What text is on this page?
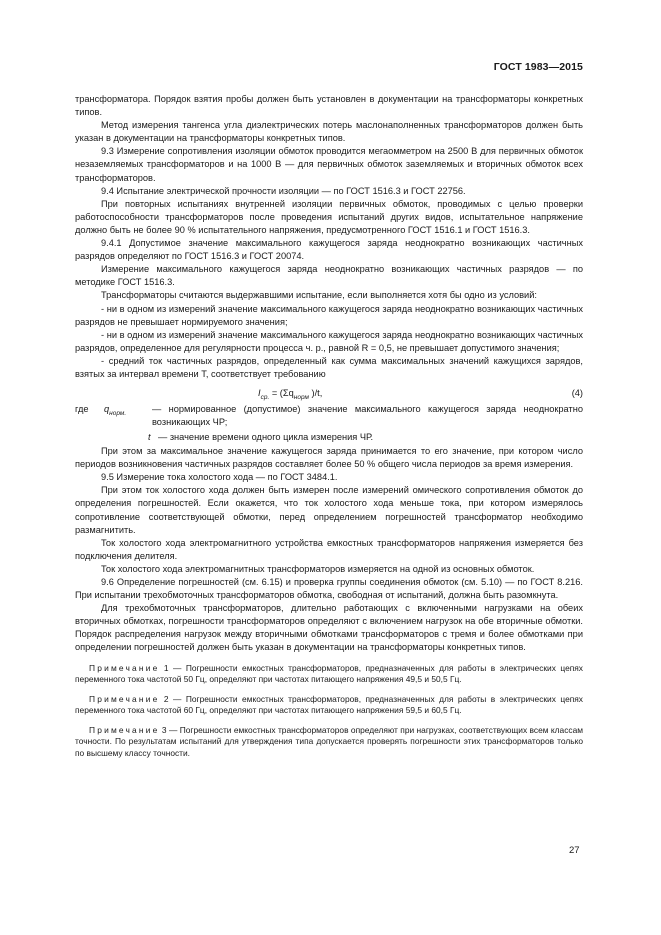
ГОСТ 1983—2015

трансформатора. Порядок взятия пробы должен быть установлен в документации на трансформаторы конкретных типов.

Метод измерения тангенса угла диэлектрических потерь маслонаполненных трансформаторов должен быть указан в документации на трансформаторы конкретных типов.

9.3 Измерение сопротивления изоляции обмоток проводится мегаомметром на 2500 В для первичных обмоток незаземляемых трансформаторов и на 1000 В — для первичных обмоток заземляемых и вторичных обмоток всех трансформаторов.

9.4 Испытание электрической прочности изоляции — по ГОСТ 1516.3 и ГОСТ 22756.

При повторных испытаниях внутренней изоляции первичных обмоток, проводимых с целью проверки работоспособности трансформаторов после проведения испытаний других видов, испытательное напряжение должно быть не более 90 % испытательного напряжения, предусмотренного ГОСТ 1516.1 и ГОСТ 1516.3.

9.4.1 Допустимое значение максимального кажущегося заряда неоднократно возникающих частичных разрядов определяют по ГОСТ 1516.3 и ГОСТ 20074.

Измерение максимального кажущегося заряда неоднократно возникающих частичных разрядов — по методике ГОСТ 1516.3.

Трансформаторы считаются выдержавшими испытание, если выполняется хотя бы одно из условий:

- ни в одном из измерений значение максимального кажущегося заряда неоднократно возникающих частичных разрядов не превышает нормируемого значения;

- ни в одном из измерений значение максимального кажущегося заряда неоднократно возникающих частичных разрядов, определенное для регулярности процесса ч. р., равной R = 0,5, не превышает допустимого значения;

- средний ток частичных разрядов, определенный как сумма максимальных значений кажущихся зарядов, взятых за интервал времени T, соответствует требованию

$I_{ср.} = (\Sigma q_{нoрм}$ )/t,	(4)
где $q_{норм.}$	— нормированное (допустимое) значение максимального кажущегося заряда неоднократно возникающих ЧР;
t — значение времени одного цикла измерения ЧР.

При этом за максимальное значение кажущегося заряда принимается то его значение, при котором число периодов возникновения частичных разрядов составляет более 50 % общего числа периодов за время измерения.

9.5 Измерение тока холостого хода — по ГОСТ 3484.1.

При этом ток холостого хода должен быть измерен после измерений омического сопротивления обмоток до определения погрешностей. Если окажется, что ток холостого хода меньше тока, при котором измерялось сопротивление соответствующей обмотки, перед определением погрешностей трансформатор необходимо размагнитить.

Ток холостого хода электромагнитного устройства емкостных трансформаторов напряжения измеряется без подключения делителя.

Ток холостого хода электромагнитных трансформаторов измеряется на одной из основных обмоток.

9.6 Определение погрешностей (см. 6.15) и проверка группы соединения обмоток (см. 5.10) — по ГОСТ 8.216. При испытании трехобмоточных трансформаторов обмотка, свободная от испытаний, должна быть разомкнута.

Для трехобмоточных трансформаторов, длительно работающих с включенными нагрузками на обеих вторичных обмотках, погрешности трансформаторов определяют с включением нагрузок на обе вторичные обмотки. Порядок распределения нагрузок между вторичными обмотками трансформаторов с тремя и более обмотками при определении погрешностей должен быть указан в документации на трансформаторы конкретных типов.

Примечание 1 — Погрешности емкостных трансформаторов, предназначенных для работы в электрических цепях переменного тока частотой 50 Гц, определяют при частотах питающего напряжения 49,5 и 50,5 Гц.

Примечание 2 — Погрешности емкостных трансформаторов, предназначенных для работы в электрических цепях переменного тока частотой 60 Гц, определяют при частотах питающего напряжения 59,5 и 60,5 Гц.

Примечание 3 — Погрешности емкостных трансформаторов определяют при нагрузках, соответствующих всем классам точности. По результатам испытаний для утверждения типа допускается проверять погрешности этих трансформаторов только по высшему классу точности.

27
